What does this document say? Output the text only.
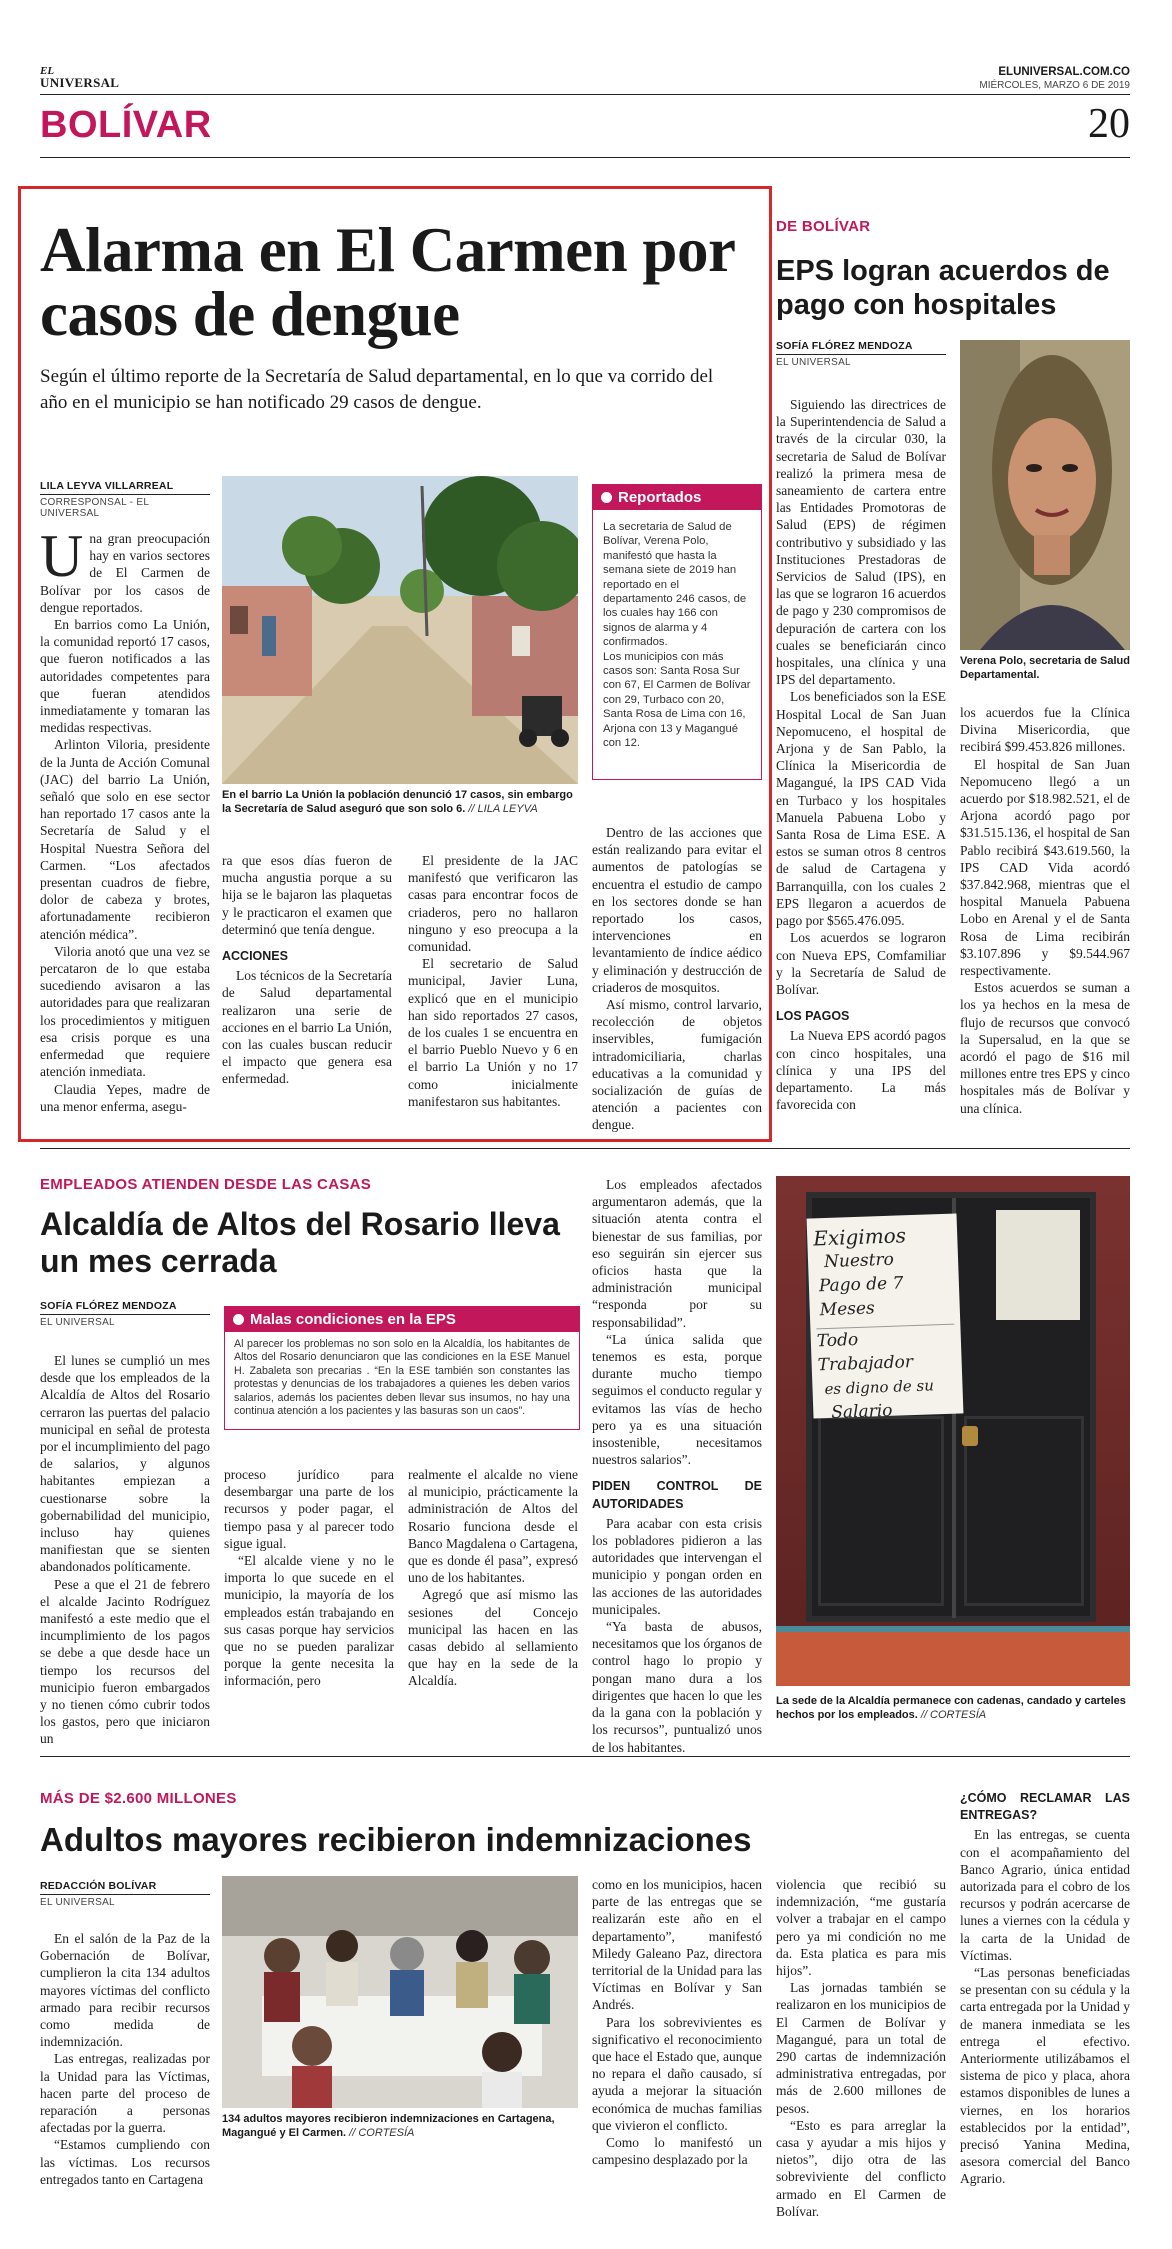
EL
UNIVERSAL
ELUNIVERSAL.COM.CO
MIÉRCOLES, MARZO 6 DE 2019
BOLÍVAR	20
Alarma en El Carmen por casos de dengue
Según el último reporte de la Secretaría de Salud departamental, en lo que va corrido del año en el municipio se han notificado 29 casos de dengue.
LILA LEYVA VILLARREAL
CORRESPONSAL - EL UNIVERSAL

Una gran preocupación hay en varios sectores de El Carmen de Bolívar por los casos de dengue reportados.

En barrios como La Unión, la comunidad reportó 17 casos, que fueron notificados a las autoridades competentes para que fueran atendidos inmediatamente y tomaran las medidas respectivas.

Arlinton Viloria, presidente de la Junta de Acción Comunal (JAC) del barrio La Unión, señaló que solo en ese sector han reportado 17 casos ante la Secretaría de Salud y el Hospital Nuestra Señora del Carmen. “Los afectados presentan cuadros de fiebre, dolor de cabeza y brotes, afortunadamente recibieron atención médica”.

Viloria anotó que una vez se percataron de lo que estaba sucediendo avisaron a las autoridades para que realizaran los procedimientos y mitiguen esa crisis porque es una enfermedad que requiere atención inmediata.

Claudia Yepes, madre de una menor enferma, asegu-

En el barrio La Unión la población denunció 17 casos, sin embargo la Secretaría de Salud aseguró que son solo 6. // LILA LEYVA

ra que esos días fueron de mucha angustia porque a su hija se le bajaron las plaquetas y le practicaron el examen que determinó que tenía dengue.

ACCIONES

Los técnicos de la Secretaría de Salud departamental realizaron una serie de acciones en el barrio La Unión, con las cuales buscan reducir el impacto que genera esa enfermedad.

El presidente de la JAC manifestó que verificaron las casas para encontrar focos de criaderos, pero no hallaron ninguno y eso preocupa a la comunidad.

El secretario de Salud municipal, Javier Luna, explicó que en el municipio han sido reportados 27 casos, de los cuales 1 se encuentra en el barrio Pueblo Nuevo y 6 en el barrio La Unión y no 17 como inicialmente manifestaron sus habitantes.

Reportados

La secretaria de Salud de Bolívar, Verena Polo, manifestó que hasta la semana siete de 2019 han reportado en el departamento 246 casos, de los cuales hay 166 con signos de alarma y 4 confirmados.

Los municipios con más casos son: Santa Rosa Sur con 67, El Carmen de Bolívar con 29, Turbaco con 20, Santa Rosa de Lima con 16, Arjona con 13 y Magangué con 12.

Dentro de las acciones que están realizando para evitar el aumentos de patologías se encuentra el estudio de campo en los sectores donde se han reportado los casos, intervenciones en levantamiento de índice aédico y eliminación y destrucción de criaderos de mosquitos.

Así mismo, control larvario, recolección de objetos inservibles, fumigación intradomiciliaria, charlas educativas a la comunidad y socialización de guías de atención a pacientes con dengue.

DE BOLÍVAR
EPS logran acuerdos de pago con hospitales
SOFÍA FLÓREZ MENDOZA
EL UNIVERSAL
Verena Polo, secretaria de Salud Departamental.

Siguiendo las directrices de la Superintendencia de Salud a través de la circular 030, la secretaria de Salud de Bolívar realizó la primera mesa de saneamiento de cartera entre las Entidades Promotoras de Salud (EPS) de régimen contributivo y subsidiado y las Instituciones Prestadoras de Servicios de Salud (IPS), en las que se lograron 16 acuerdos de pago y 230 compromisos de depuración de cartera con los cuales se beneficiarán cinco hospitales, una clínica y una IPS del departamento.

Los beneficiados son la ESE Hospital Local de San Juan Nepomuceno, el hospital de Arjona y de San Pablo, la Clínica la Misericordia de Magangué, la IPS CAD Vida en Turbaco y los hospitales Manuela Pabuena Lobo y Santa Rosa de Lima ESE. A estos se suman otros 8 centros de salud de Cartagena y Barranquilla, con los cuales 2 EPS llegaron a acuerdos de pago por $565.476.095.

Los acuerdos se lograron con Nueva EPS, Comfamiliar y la Secretaría de Salud de Bolívar.

LOS PAGOS

La Nueva EPS acordó pagos con cinco hospitales, una clínica y una IPS del departamento. La más favorecida con

los acuerdos fue la Clínica Divina Misericordia, que recibirá $99.453.826 millones.

El hospital de San Juan Nepomuceno llegó a un acuerdo por $18.982.521, el de Arjona acordó pago por $31.515.136, el hospital de San Pablo recibirá $43.619.560, la IPS CAD Vida acordó $37.842.968, mientras que el hospital Manuela Pabuena Lobo en Arenal y el de Santa Rosa de Lima recibirán $3.107.896 y $9.544.967 respectivamente.

Estos acuerdos se suman a los ya hechos en la mesa de flujo de recursos que convocó la Supersalud, en la que se acordó el pago de $16 mil millones entre tres EPS y cinco hospitales más de Bolívar y una clínica.

EMPLEADOS ATIENDEN DESDE LAS CASAS
Alcaldía de Altos del Rosario lleva un mes cerrada
SOFÍA FLÓREZ MENDOZA
EL UNIVERSAL	Malas condiciones en la EPS
Al parecer los problemas no son solo en la Alcaldía, los habitantes de Altos del Rosario denunciaron que las condiciones en la ESE Manuel H. Zabaleta son precarias . “En la ESE también son constantes las protestas y denuncias de los trabajadores a quienes les deben varios salarios, además los pacientes deben llevar sus insumos, no hay una continua atención a los pacientes y las basuras son un caos”.

El lunes se cumplió un mes desde que los empleados de la Alcaldía de Altos del Rosario cerraron las puertas del palacio municipal en señal de protesta por el incumplimiento del pago de salarios, y algunos habitantes empiezan a cuestionarse sobre la gobernabilidad del municipio, incluso hay quienes manifiestan que se sienten abandonados políticamente.

Pese a que el 21 de febrero el alcalde Jacinto Rodríguez manifestó a este medio que el incumplimiento de los pagos se debe a que desde hace un tiempo los recursos del municipio fueron embargados y no tienen cómo cubrir todos los gastos, pero que iniciaron un

proceso jurídico para desembargar una parte de los recursos y poder pagar, el tiempo pasa y al parecer todo sigue igual.

“El alcalde viene y no le importa lo que sucede en el municipio, la mayoría de los empleados están trabajando en sus casas porque hay servicios que no se pueden paralizar porque la gente necesita la información, pero

realmente el alcalde no viene al municipio, prácticamente la administración de Altos del Rosario funciona desde el Banco Magdalena o Cartagena, que es donde él pasa”, expresó uno de los habitantes.

Agregó que así mismo las sesiones del Concejo municipal las hacen en las casas debido al sellamiento que hay en la sede de la Alcaldía.

Los empleados afectados argumentaron además, que la situación atenta contra el bienestar de sus familias, por eso seguirán sin ejercer sus oficios hasta que la administración municipal “responda por su responsabilidad”.

“La única salida que tenemos es esta, porque durante mucho tiempo seguimos el conducto regular y evitamos las vías de hecho pero ya es una situación insostenible, necesitamos nuestros salarios”.

PIDEN CONTROL DE AUTORIDADES

Para acabar con esta crisis los pobladores pidieron a las autoridades que intervengan el municipio y pongan orden en las acciones de las autoridades municipales.

“Ya basta de abusos, necesitamos que los órganos de control hago lo propio y pongan mano dura a los dirigentes que hacen lo que les da la gana con la población y los recursos”, puntualizó unos de los habitantes.

Exigimos
Nuestro
Pago de 7 Meses
Todo Trabajador
es digno de su
Salario
La sede de la Alcaldía permanece con cadenas, candado y carteles hechos por los empleados. // CORTESÍA
MÁS DE $2.600 MILLONES
Adultos mayores recibieron indemnizaciones
REDACCIÓN BOLÍVAR
EL UNIVERSAL

En el salón de la Paz de la Gobernación de Bolívar, cumplieron la cita 134 adultos mayores víctimas del conflicto armado para recibir recursos como medida de indemnización.

Las entregas, realizadas por la Unidad para las Víctimas, hacen parte del proceso de reparación a personas afectadas por la guerra.

“Estamos cumpliendo con las víctimas. Los recursos entregados tanto en Cartagena

134 adultos mayores recibieron indemnizaciones en Cartagena, Magangué y El Carmen. // CORTESÍA

como en los municipios, hacen parte de las entregas que se realizarán este año en el departamento”, manifestó Miledy Galeano Paz, directora territorial de la Unidad para las Víctimas en Bolívar y San Andrés.

Para los sobrevivientes es significativo el reconocimiento que hace el Estado que, aunque no repara el daño causado, sí ayuda a mejorar la situación económica de muchas familias que vivieron el conflicto.

Como lo manifestó un campesino desplazado por la

violencia que recibió su indemnización, “me gustaría volver a trabajar en el campo pero ya mi condición no me da. Esta platica es para mis hijos”.

Las jornadas también se realizaron en los municipios de El Carmen de Bolívar y Magangué, para un total de 290 cartas de indemnización administrativa entregadas, por más de 2.600 millones de pesos.

“Esto es para arreglar la casa y ayudar a mis hijos y nietos”, dijo otra de las sobreviviente del conflicto armado en El Carmen de Bolívar.

¿CÓMO RECLAMAR LAS ENTREGAS?

En las entregas, se cuenta con el acompañamiento del Banco Agrario, única entidad autorizada para el cobro de los recursos y podrán acercarse de lunes a viernes con la cédula y la carta de la Unidad de Víctimas.

“Las personas beneficiadas se presentan con su cédula y la carta entregada por la Unidad y de manera inmediata se les entrega el efectivo. Anteriormente utilizábamos el sistema de pico y placa, ahora estamos disponibles de lunes a viernes, en los horarios establecidos por la entidad”, precisó Yanina Medina, asesora comercial del Banco Agrario.
